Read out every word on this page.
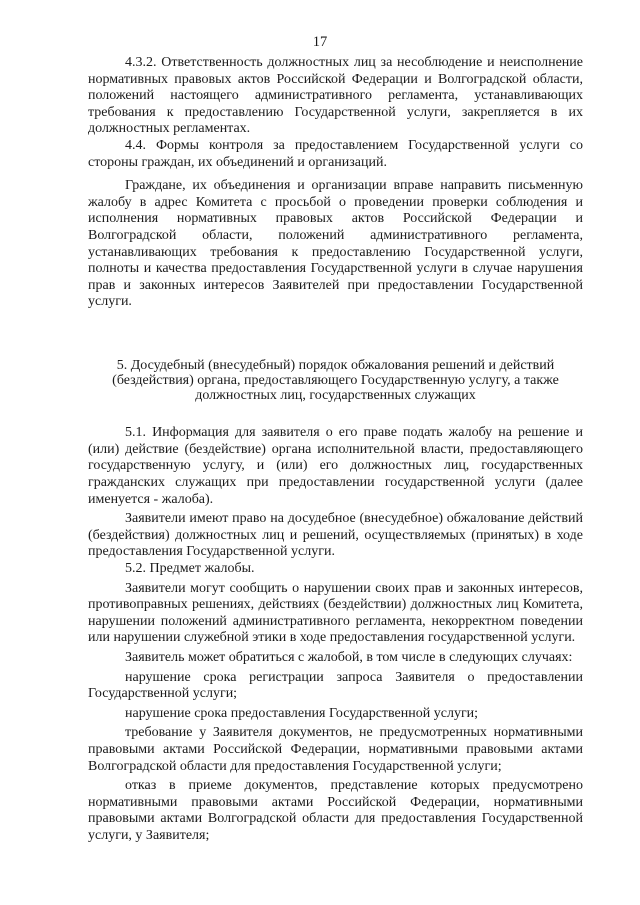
17

4.3.2. Ответственность должностных лиц за несоблюдение и неисполнение нормативных правовых актов Российской Федерации и Волгоградской области, положений настоящего административного регламента, устанавливающих требования к предоставлению Государственной услуги, закрепляется в их должностных регламентах.

4.4. Формы контроля за предоставлением Государственной услуги со стороны граждан, их объединений и организаций.

Граждане, их объединения и организации вправе направить письменную жалобу в адрес Комитета с просьбой о проведении проверки соблюдения и исполнения нормативных правовых актов Российской Федерации и Волгоградской области, положений административного регламента, устанавливающих требования к предоставлению Государственной услуги, полноты и качества предоставления Государственной услуги в случае нарушения прав и законных интересов Заявителей при предоставлении Государственной услуги.

5. Досудебный (внесудебный) порядок обжалования решений и действий (бездействия) органа, предоставляющего Государственную услугу, а также должностных лиц, государственных служащих

5.1. Информация для заявителя о его праве подать жалобу на решение и (или) действие (бездействие) органа исполнительной власти, предоставляющего государственную услугу, и (или) его должностных лиц, государственных гражданских служащих при предоставлении государственной услуги (далее именуется - жалоба).

Заявители имеют право на досудебное (внесудебное) обжалование действий (бездействия) должностных лиц и решений, осуществляемых (принятых) в ходе предоставления Государственной услуги.

5.2. Предмет жалобы.

Заявители могут сообщить о нарушении своих прав и законных интересов, противоправных решениях, действиях (бездействии) должностных лиц Комитета, нарушении положений административного регламента, некорректном поведении или нарушении служебной этики в ходе предоставления государственной услуги.

Заявитель может обратиться с жалобой, в том числе в следующих случаях:

нарушение срока регистрации запроса Заявителя о предоставлении Государственной услуги;

нарушение срока предоставления Государственной услуги;

требование у Заявителя документов, не предусмотренных нормативными правовыми актами Российской Федерации, нормативными правовыми актами Волгоградской области для предоставления Государственной услуги;

отказ в приеме документов, представление которых предусмотрено нормативными правовыми актами Российской Федерации, нормативными правовыми актами Волгоградской области для предоставления Государственной услуги, у Заявителя;
